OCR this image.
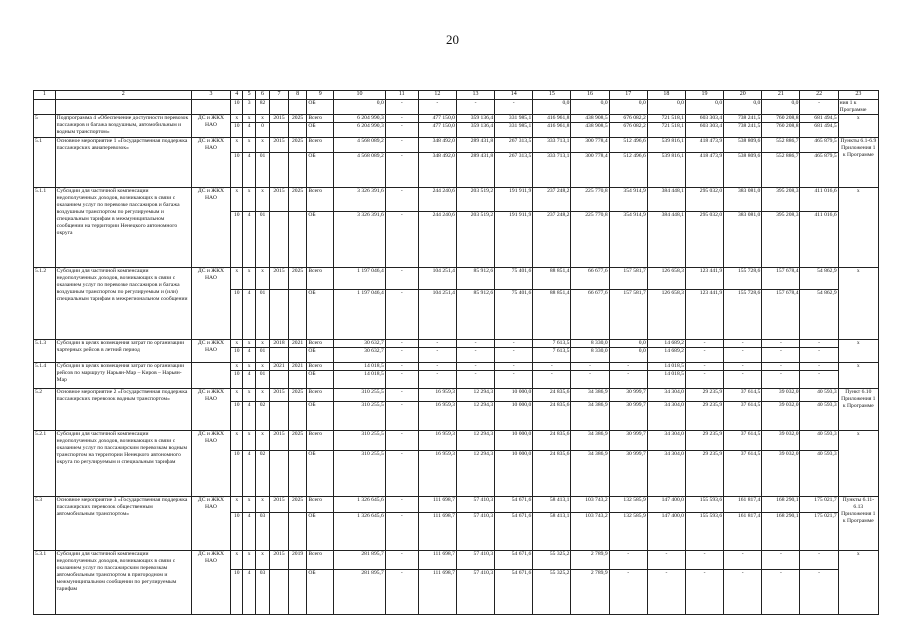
20
1	2	3	4	5	6	7	8	9	10	11	12	13	14	15	16	17	18	19	20	21	22	23
			10	3	82			ОБ	0,0	-	-	-	-	0,0	0,0	0,0	0,0	0,0	0,0	0,0	-	ния 1 к Программе
5	Подпрограмма 4 «Обеспечение доступности перевозок пассажиров и багажа воздушным, автомобильным и водным транспортом»	ДС и ЖКХ НАО	x	x	x	2015	2025	Всего	6 204 990,3	-	477 150,0	359 136,4	331 985,1	416 961,8	438 908,5	676 082,2	721 518,1	603 303,4	738 241,5	760 208,8	681 494,5	x
			10	4	0			ОБ	6 204 990,3	-	477 150,0	359 136,4	331 985,1	416 961,8	438 908,5	676 082,2	721 518,1	603 303,4	738 241,5	760 208,8	681 494,5	
5.1	Основное мероприятие 1 «Государственная поддержка пассажирских авиаперевозок»	ДС и ЖКХ НАО	x	x	x	2015	2025	Всего	4 568 089,2	-	348 492,0	289 431,8	267 313,5	333 713,1	300 778,4	512 496,6	539 816,1	418 473,9	538 809,6	552 886,7	465 879,5	Пункты 6.1-6.9 Приложения 1 к Программе
			10	4	01			ОБ	4 568 089,2	-	348 492,0	289 431,8	267 313,5	333 713,1	300 778,4	512 496,6	539 816,1	418 473,9	538 809,6	552 886,7	465 879,5	
5.1.1	Субсидии для частичной компенсации недополученных доходов, возникающих в связи с оказанием услуг по перевозке пассажиров и багажа воздушным транспортом по регулируемым и специальным тарифам в межмуниципальном сообщении на территории Ненецкого автономного округа	ДС и ЖКХ НАО	x	x	x	2015	2025	Всего	3 326 391,6	-	244 240,6	203 519,2	191 911,9	237 248,2	225 770,8	354 914,9	384 448,1	295 032,0	383 081,0	395 208,3	411 016,6	x
			10	4	01			ОБ	3 326 391,6	-	244 240,6	203 519,2	191 911,9	237 248,2	225 770,8	354 914,9	384 448,1	295 032,0	383 081,0	395 208,3	411 016,6	
5.1.2	Субсидии для частичной компенсации недополученных доходов, возникающих в связи с оказанием услуг по перевозке пассажиров и багажа воздушным транспортом по регулируемым и (или) специальным тарифам в межрегиональном сообщении	ДС и ЖКХ НАО	x	x	x	2015	2025	Всего	1 197 046,4	-	104 251,4	85 912,6	75 401,6	88 851,4	66 677,6	157 581,7	126 658,3	123 441,9	155 728,6	157 678,4	54 862,9	x
			10	4	01			ОБ	1 197 046,4	-	104 251,4	85 912,6	75 401,6	88 851,4	66 677,6	157 581,7	126 658,3	123 441,9	155 728,6	157 678,4	54 862,9	
5.1.3	Субсидии в целях возмещения затрат по организации чартерных рейсов в летний период	ДС и ЖКХ НАО	x	x	x	2018	2021	Всего	30 632,7	-	-	-	-	7 613,5	8 330,0	0,0	14 689,2	-	-	-	-	x
			10	4	01			ОБ	30 632,7	-	-	-	-	7 613,5	8 330,0	0,0	14 689,2	-	-	-	-	
5.1.4	Субсидии в целях возмещения затрат по организации рейсов по маршруту Нарьян-Мар – Киров – Нарьян-Мар		x	x	x	2021	2021	Всего	14 018,5	-	-	-	-	-	-	-	14 018,5	-	-	-	-	x
			10	4	01			ОБ	14 018,5	-	-	-	-	-	-	-	14 018,5	-	-	-	-	
5.2	Основное мероприятие 2 «Государственная поддержка пассажирских перевозок водным транспортом»	ДС и ЖКХ НАО	x	x	x	2015	2025	Всего	310 255,5	-	16 959,3	12 294,3	10 000,0	24 835,6	34 386,9	30 999,7	34 304,0	29 235,9	37 614,5	39 032,0	40 593,3	Пункт 6.10 Приложения 1 к Программе
			10	4	02			ОБ	310 255,5	-	16 959,3	12 294,3	10 000,0	24 835,6	34 386,9	30 999,7	34 304,0	29 235,9	37 614,5	39 032,0	40 593,3	
5.2.1	Субсидии для частичной компенсации недополученных доходов, возникающих в связи с оказанием услуг по пассажирским перевозкам водным транспортом на территории Ненецкого автономного округа по регулируемым и специальным тарифам	ДС и ЖКХ НАО	x	x	x	2015	2025	Всего	310 255,5	-	16 959,3	12 294,3	10 000,0	24 835,6	34 386,9	30 999,7	34 304,0	29 235,9	37 614,5	39 032,0	40 593,3	x
			10	4	02			ОБ	310 255,5	-	16 959,3	12 294,3	10 000,0	24 835,6	34 386,9	30 999,7	34 304,0	29 235,9	37 614,5	39 032,0	40 593,3	
5.3	Основное мероприятие 3 «Государственная поддержка пассажирских перевозок общественным автомобильным транспортом»	ДС и ЖКХ НАО	x	x	x	2015	2025	Всего	1 326 645,6	-	111 698,7	57 410,3	54 671,6	58 413,1	103 743,2	132 585,9	147 400,0	155 593,6	161 817,4	168 290,1	175 021,7	Пункты 6.11-6.13 Приложения 1 к Программе
			10	4	03			ОБ	1 326 645,6	-	111 698,7	57 410,3	54 671,6	58 413,1	103 743,2	132 585,9	147 400,0	155 593,6	161 817,4	168 290,1	175 021,7	
5.3.1	Субсидии для частичной компенсации недополученных доходов, возникающих в связи с оказанием услуг по пассажирским перевозкам автомобильным транспортом в пригородном и межмуниципальном сообщении по регулируемым тарифам	ДС и ЖКХ НАО	x	x	x	2015	2019	Всего	281 895,7	-	111 698,7	57 410,3	54 671,6	55 325,2	2 789,9	-	-	-	-	-	-	x
			10	4	03			ОБ	281 895,7	-	111 698,7	57 410,3	54 671,6	55 325,2	2 789,9	-	-	-	-	-	-	
